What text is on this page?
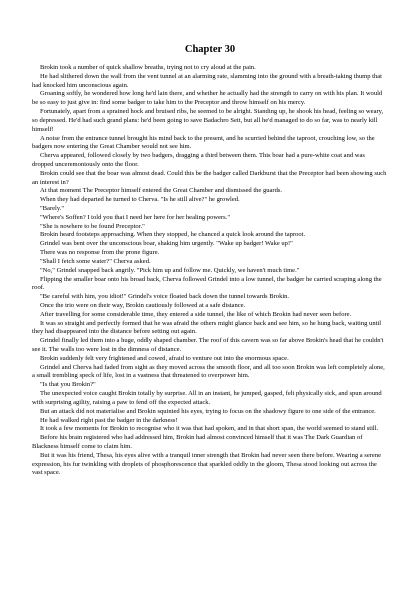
Chapter 30

Brokin took a number of quick shallow breaths, trying not to cry aloud at the pain.

He had slithered down the wall from the vent tunnel at an alarming rate, slamming into the ground with a breath-taking thump that had knocked him unconscious again.

Groaning softly, he wondered how long he'd lain there, and whether he actually had the strength to carry on with his plan. It would be so easy to just give in: find some badger to take him to the Preceptor and throw himself on his mercy.

Fortunately, apart from a sprained hock and bruised ribs, he seemed to be alright. Standing up, he shook his head, feeling so weary, so depressed. He'd had such grand plans: he'd been going to save Badachro Sett, but all he'd managed to do so far, was to nearly kill himself!

A noise from the entrance tunnel brought his mind back to the present, and he scurried behind the taproot, crouching low, so the badgers now entering the Great Chamber would not see him.

Cherva appeared, followed closely by two badgers, dragging a third between them. This boar had a pure-white coat and was dropped unceremoniously onto the floor.

Brokin could see that the boar was almost dead. Could this be the badger called Darkburst that the Preceptor had been showing such an interest in?

At that moment The Preceptor himself entered the Great Chamber and dismissed the guards.

When they had departed he turned to Cherva. "Is he still alive?" he growled.

"Barely."

"Where's Soffen? I told you that I need her here for her healing powers."

"She is nowhere to be found Preceptor."

Brokin heard footsteps approaching. When they stopped, he chanced a quick look around the taproot.

Grindel was bent over the unconscious boar, shaking him urgently. "Wake up badger! Wake up!"

There was no response from the prone figure.

"Shall I fetch some water?" Cherva asked.

"No," Grindel snapped back angrily. "Pick him up and follow me. Quickly, we haven't much time."

Flipping the smaller boar onto his broad back, Cherva followed Grindel into a low tunnel, the badger he carried scraping along the roof.

"Be careful with him, you idiot!" Grindel's voice floated back down the tunnel towards Brokin.

Once the trio were on their way, Brokin cautiously followed at a safe distance.

After travelling for some considerable time, they entered a side tunnel, the like of which Brokin had never seen before.

It was so straight and perfectly formed that he was afraid the others might glance back and see him, so he hung back, waiting until they had disappeared into the distance before setting out again.

Grindel finally led them into a huge, oddly shaped chamber. The roof of this cavern was so far above Brokin's head that he couldn't see it. The walls too were lost in the dimness of distance.

Brokin suddenly felt very frightened and cowed, afraid to venture out into the enormous space.

Grindel and Cherva had faded from sight as they moved across the smooth floor, and all too soon Brokin was left completely alone, a small trembling speck of life, lost in a vastness that threatened to overpower him.

"Is that you Brokin?"

The unexpected voice caught Brokin totally by surprise. All in an instant, he jumped, gasped, felt physically sick, and spun around with surprising agility, raising a paw to fend off the expected attack.

But an attack did not materialise and Brokin squinted his eyes, trying to focus on the shadowy figure to one side of the entrance.

He had walked right past the badger in the darkness!

It took a few moments for Brokin to recognise who it was that had spoken, and in that short span, the world seemed to stand still.

Before his brain registered who had addressed him, Brokin had almost convinced himself that it was The Dark Guardian of Blackness himself come to claim him.

But it was his friend, Thesa, his eyes alive with a tranquil inner strength that Brokin had never seen there before. Wearing a serene expression, his fur twinkling with droplets of phosphorescence that sparkled oddly in the gloom, Thesa stood looking out across the vast space.
